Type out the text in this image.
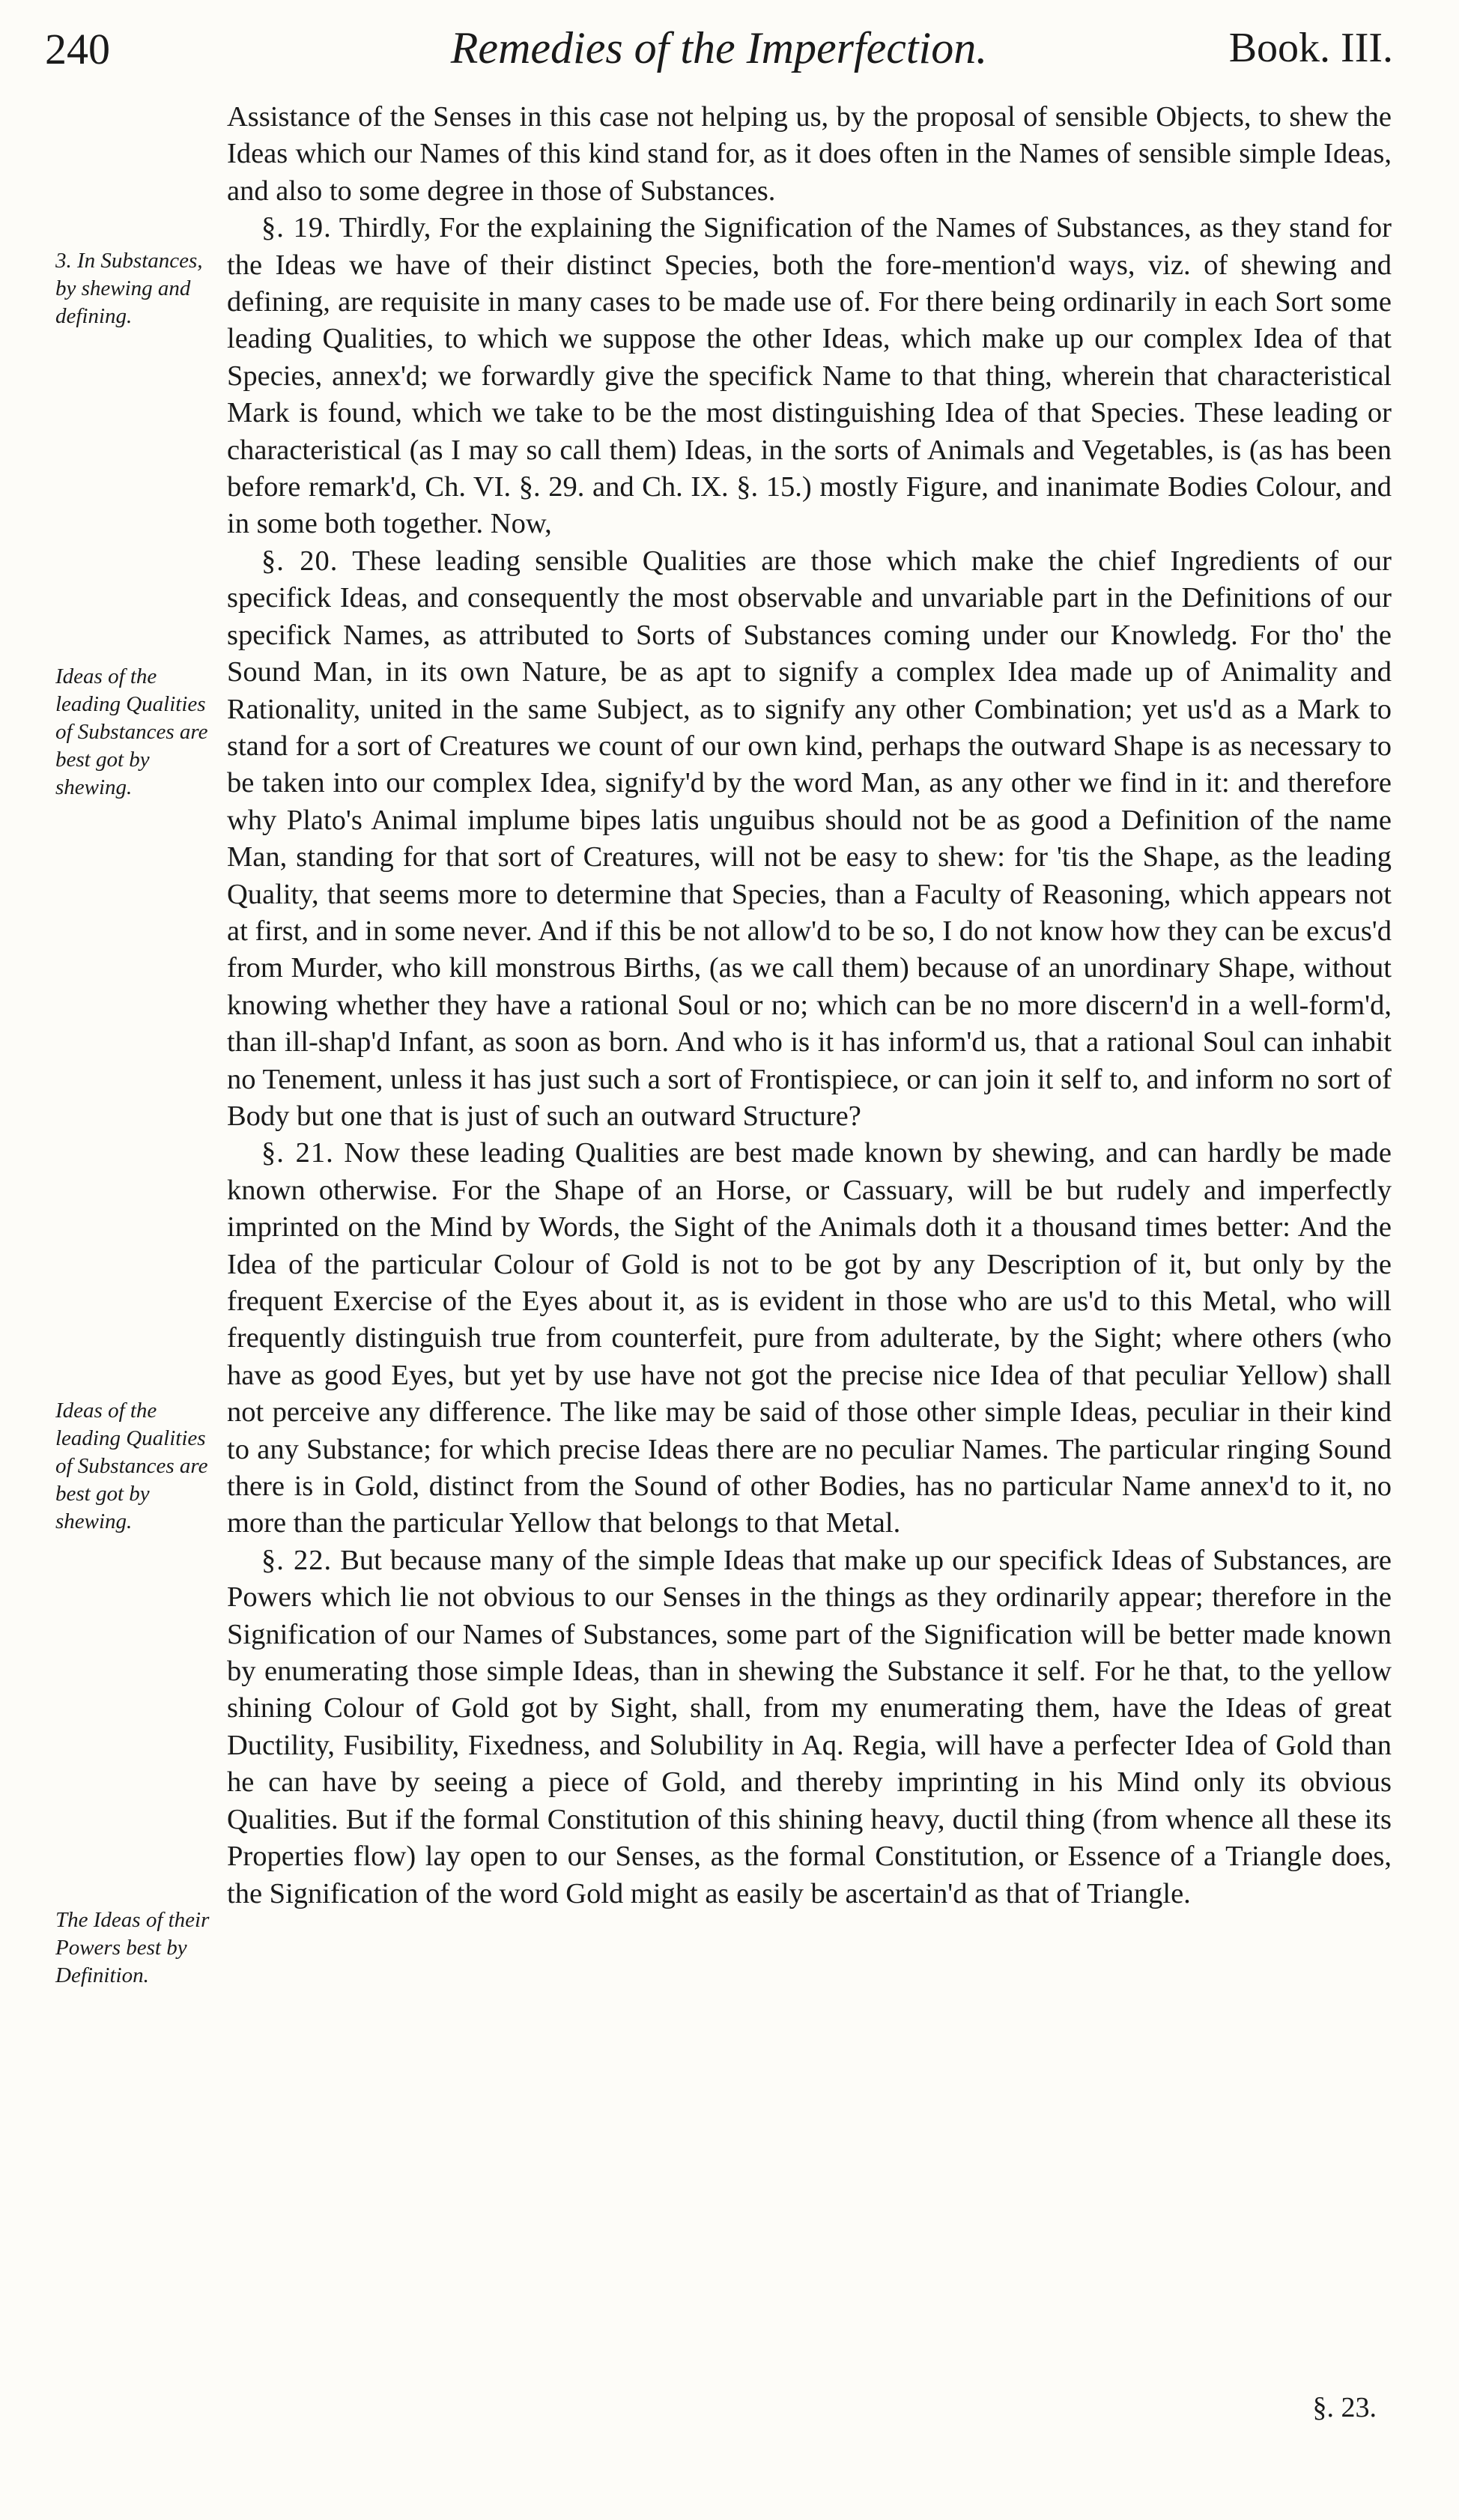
240	Remedies of the Imperfection.	Book. III.
3. In Substances, by shewing and defining.
Ideas of the leading Qualities of Substances are best got by shewing.
Ideas of the leading Qualities of Substances are best got by shewing.
The Ideas of their Powers best by Definition.

Assistance of the Senses in this case not helping us, by the proposal of sensible Objects, to shew the Ideas which our Names of this kind stand for, as it does often in the Names of sensible simple Ideas, and also to some degree in those of Substances.

§. 19. Thirdly, For the explaining the Signification of the Names of Substances, as they stand for the Ideas we have of their distinct Species, both the fore-mention'd ways, viz. of shewing and defining, are requisite in many cases to be made use of. For there being ordinarily in each Sort some leading Qualities, to which we suppose the other Ideas, which make up our complex Idea of that Species, annex'd; we forwardly give the specifick Name to that thing, wherein that characteristical Mark is found, which we take to be the most distinguishing Idea of that Species. These leading or characteristical (as I may so call them) Ideas, in the sorts of Animals and Vegetables, is (as has been before remark'd, Ch. VI. §. 29. and Ch. IX. §. 15.) mostly Figure, and inanimate Bodies Colour, and in some both together. Now,

§. 20. These leading sensible Qualities are those which make the chief Ingredients of our specifick Ideas, and consequently the most observable and unvariable part in the Definitions of our specifick Names, as attributed to Sorts of Substances coming under our Knowledg. For tho' the Sound Man, in its own Nature, be as apt to signify a complex Idea made up of Animality and Rationality, united in the same Subject, as to signify any other Combination; yet us'd as a Mark to stand for a sort of Creatures we count of our own kind, perhaps the outward Shape is as necessary to be taken into our complex Idea, signify'd by the word Man, as any other we find in it: and therefore why Plato's Animal implume bipes latis unguibus should not be as good a Definition of the name Man, standing for that sort of Creatures, will not be easy to shew: for 'tis the Shape, as the leading Quality, that seems more to determine that Species, than a Faculty of Reasoning, which appears not at first, and in some never. And if this be not allow'd to be so, I do not know how they can be excus'd from Murder, who kill monstrous Births, (as we call them) because of an unordinary Shape, without knowing whether they have a rational Soul or no; which can be no more discern'd in a well-form'd, than ill-shap'd Infant, as soon as born. And who is it has inform'd us, that a rational Soul can inhabit no Tenement, unless it has just such a sort of Frontispiece, or can join it self to, and inform no sort of Body but one that is just of such an outward Structure?

§. 21. Now these leading Qualities are best made known by shewing, and can hardly be made known otherwise. For the Shape of an Horse, or Cassuary, will be but rudely and imperfectly imprinted on the Mind by Words, the Sight of the Animals doth it a thousand times better: And the Idea of the particular Colour of Gold is not to be got by any Description of it, but only by the frequent Exercise of the Eyes about it, as is evident in those who are us'd to this Metal, who will frequently distinguish true from counterfeit, pure from adulterate, by the Sight; where others (who have as good Eyes, but yet by use have not got the precise nice Idea of that peculiar Yellow) shall not perceive any difference. The like may be said of those other simple Ideas, peculiar in their kind to any Substance; for which precise Ideas there are no peculiar Names. The particular ringing Sound there is in Gold, distinct from the Sound of other Bodies, has no particular Name annex'd to it, no more than the particular Yellow that belongs to that Metal.

§. 22. But because many of the simple Ideas that make up our specifick Ideas of Substances, are Powers which lie not obvious to our Senses in the things as they ordinarily appear; therefore in the Signification of our Names of Substances, some part of the Signification will be better made known by enumerating those simple Ideas, than in shewing the Substance it self. For he that, to the yellow shining Colour of Gold got by Sight, shall, from my enumerating them, have the Ideas of great Ductility, Fusibility, Fixedness, and Solubility in Aq. Regia, will have a perfecter Idea of Gold than he can have by seeing a piece of Gold, and thereby imprinting in his Mind only its obvious Qualities. But if the formal Constitution of this shining heavy, ductil thing (from whence all these its Properties flow) lay open to our Senses, as the formal Constitution, or Essence of a Triangle does, the Signification of the word Gold might as easily be ascertain'd as that of Triangle.

§. 23.
